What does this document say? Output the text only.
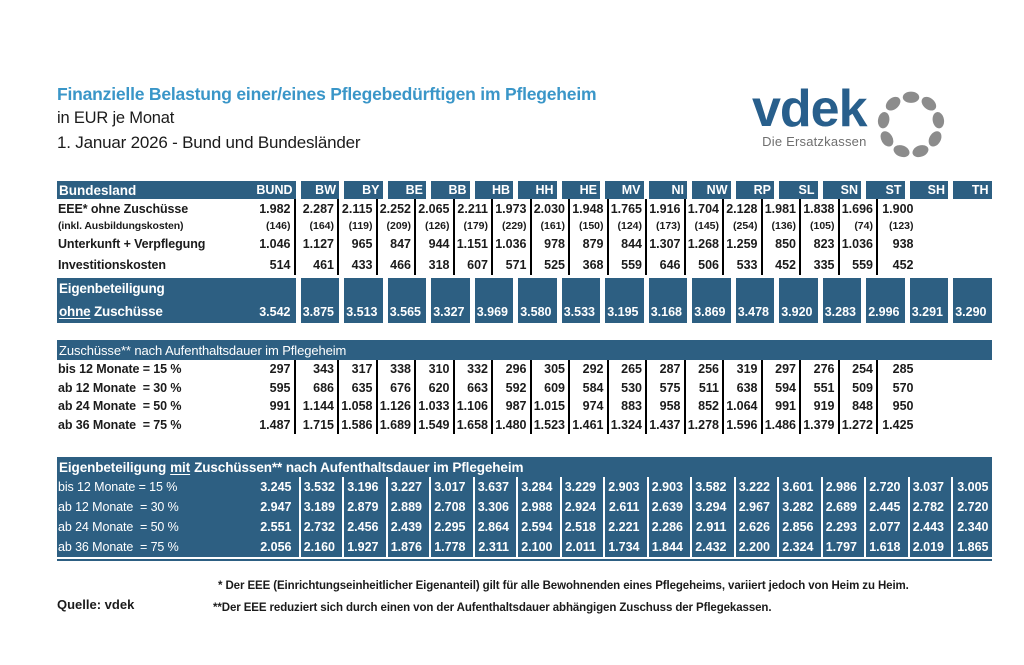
Finanzielle Belastung einer/eines Pflegebedürftigen im Pflegeheim
in EUR je Monat
1. Januar 2026 - Bund und Bundesländer
vdek
Die Ersatzkassen
Bundesland	BUND	BW	BY	BE	BB	HB	HH	HE	MV	NI	NW	RP	SL	SN	ST	SH	TH
EEE* ohne Zuschüsse	1.982 2.287 2.115 2.252 2.065 2.211 1.973 2.030 1.948 1.765 1.916 1.704 2.128 1.981 1.838 1.696 1.900
(inkl. Ausbildungskosten)	(146)	(164)	(119)	(209)	(126)	(179)	(229)	(161)	(150)	(124)	(173)	(145)	(254)	(136)	(105)	(74)	(123)
Unterkunft + Verpflegung	1.046 1.127	965	847	944 1.151 1.036	978	879	844 1.307 1.268 1.259	850	823 1.036	938
Investitionskosten	514	461	433	466	318	607	571	525	368	559	646	506	533	452	335	559	452
Eigenbeteiligung
ohne Zuschüsse	3.542 3.875 3.513 3.565 3.327 3.969 3.580 3.533 3.195 3.168 3.869 3.478 3.920 3.283 2.996 3.291 3.290
Zuschüsse** nach Aufenthaltsdauer im Pflegeheim
bis 12 Monate = 15 %	297	343	317	338	310	332	296	305	292	265	287	256	319	297	276	254	285
ab 12 Monate  = 30 %	595	686	635	676	620	663	592	609	584	530	575	511	638	594	551	509	570
ab 24 Monate  = 50 %	991 1.144 1.058 1.126 1.033 1.106	987 1.015	974	883	958	852 1.064	991	919	848	950
ab 36 Monate  = 75 %	1.487 1.715 1.586 1.689 1.549 1.658 1.480 1.523 1.461 1.324 1.437 1.278 1.596 1.486 1.379 1.272 1.425
Eigenbeteiligung mit Zuschüssen** nach Aufenthaltsdauer im Pflegeheim
bis 12 Monate = 15 %	3.245 3.532 3.196 3.227 3.017 3.637 3.284 3.229 2.903 2.903 3.582 3.222 3.601 2.986 2.720 3.037	3.005
ab 12 Monate  = 30 %	2.947 3.189 2.879 2.889 2.708 3.306 2.988 2.924	2.611 2.639 3.294 2.967 3.282 2.689 2.445 2.782	2.720
ab 24 Monate  = 50 %	2.551 2.732 2.456 2.439 2.295 2.864 2.594 2.518 2.221 2.286	2.911 2.626 2.856 2.293 2.077 2.443	2.340
ab 36 Monate  = 75 %	2.056 2.160 1.927 1.876 1.778	2.311 2.100	2.011 1.734 1.844 2.432 2.200 2.324 1.797 1.618 2.019	1.865
Quelle: vdek
* Der EEE (Einrichtungseinheitlicher Eigenanteil) gilt für alle Bewohnenden eines Pflegeheims, variiert jedoch von Heim zu Heim.
**Der EEE reduziert sich durch einen von der Aufenthaltsdauer abhängigen Zuschuss der Pflegekassen.
